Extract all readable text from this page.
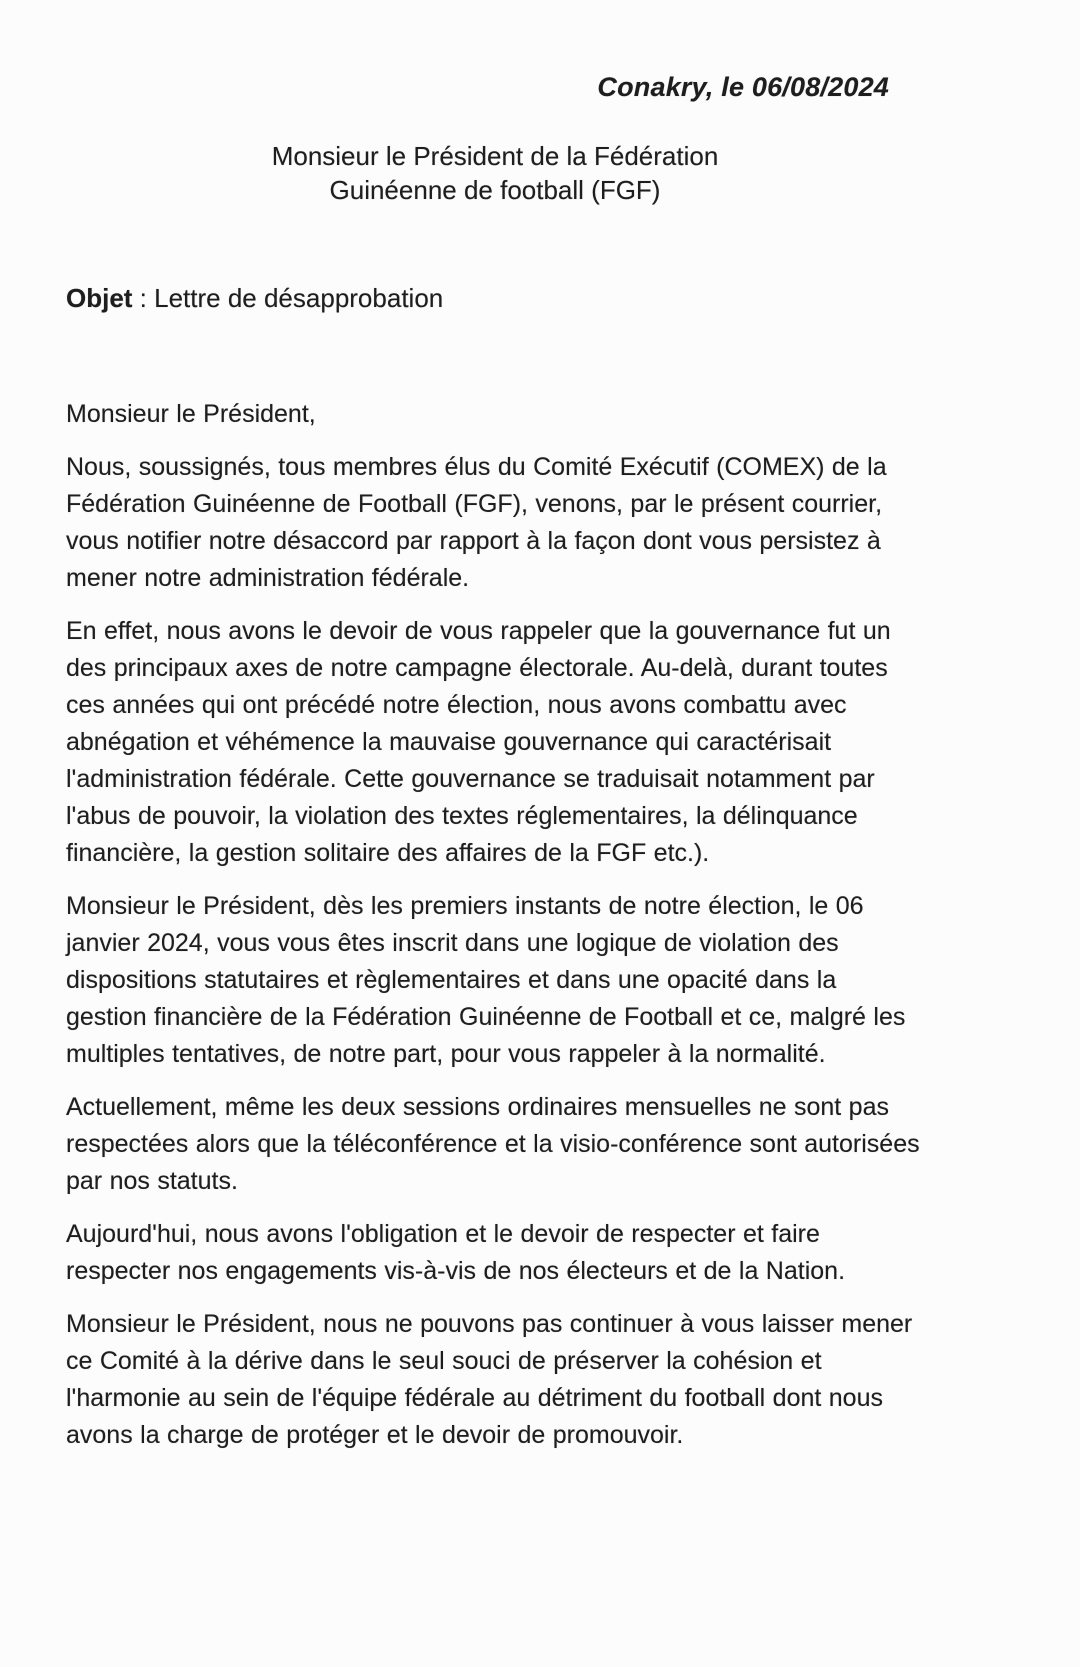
Conakry, le 06/08/2024
Monsieur le Président de la Fédération
Guinéenne de football (FGF)
Objet : Lettre de désapprobation

Monsieur le Président,

Nous, soussignés, tous membres élus du Comité Exécutif (COMEX) de la Fédération Guinéenne de Football (FGF), venons, par le présent courrier, vous notifier notre désaccord par rapport à la façon dont vous persistez à mener notre administration fédérale.

En effet, nous avons le devoir de vous rappeler que la gouvernance fut un des principaux axes de notre campagne électorale. Au-delà, durant toutes ces années qui ont précédé notre élection, nous avons combattu avec abnégation et véhémence la mauvaise gouvernance qui caractérisait l'administration fédérale. Cette gouvernance se traduisait notamment par l'abus de pouvoir, la violation des textes réglementaires, la délinquance financière, la gestion solitaire des affaires de la FGF etc.).

Monsieur le Président, dès les premiers instants de notre élection, le 06 janvier 2024, vous vous êtes inscrit dans une logique de violation des dispositions statutaires et règlementaires et dans une opacité dans la gestion financière de la Fédération Guinéenne de Football et ce, malgré les multiples tentatives, de notre part, pour vous rappeler à la normalité.

Actuellement, même les deux sessions ordinaires mensuelles ne sont pas respectées alors que la téléconférence et la visio-conférence sont autorisées par nos statuts.

Aujourd'hui, nous avons l'obligation et le devoir de respecter et faire respecter nos engagements vis-à-vis de nos électeurs et de la Nation.

Monsieur le Président, nous ne pouvons pas continuer à vous laisser mener ce Comité à la dérive dans le seul souci de préserver la cohésion et l'harmonie au sein de l'équipe fédérale au détriment du football dont nous avons la charge de protéger et le devoir de promouvoir.
